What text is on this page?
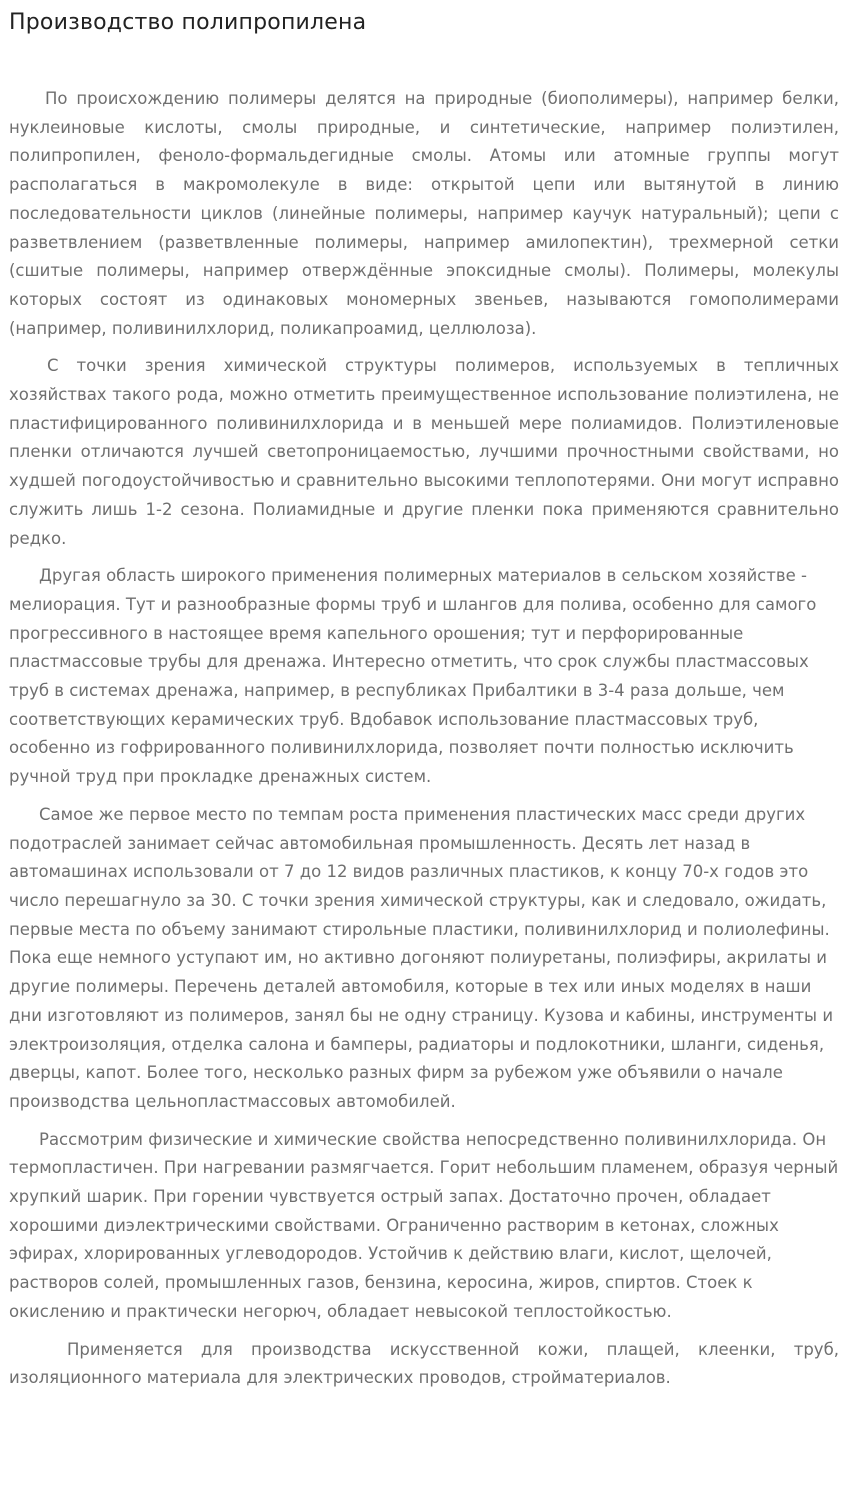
Производство полипропилена

По происхождению полимеры делятся на природные (биополимеры), например белки, нуклеиновые кислоты, смолы природные, и синтетические, например полиэтилен, полипропилен, феноло-формальдегидные смолы. Атомы или атомные группы могут располагаться в макромолекуле в виде: открытой цепи или вытянутой в линию последовательности циклов (линейные полимеры, например каучук натуральный); цепи с разветвлением (разветвленные полимеры, например амилопектин), трехмерной сетки (сшитые полимеры, например отверждённые эпоксидные смолы). Полимеры, молекулы которых состоят из одинаковых мономерных звеньев, называются гомополимерами (например, поливинилхлорид, поликапроамид, целлюлоза).

С точки зрения химической структуры полимеров, используемых в тепличных хозяйствах такого рода, можно отметить преимущественное использование полиэтилена, не пластифицированного поливинилхлорида и в меньшей мере полиамидов. Полиэтиленовые пленки отличаются лучшей светопроницаемостью, лучшими прочностными свойствами, но худшей погодоустойчивостью и сравнительно высокими теплопотерями. Они могут исправно служить лишь 1-2 сезона. Полиамидные и другие пленки пока применяются сравнительно редко.

Другая область широкого применения полимерных материалов в сельском хозяйстве - мелиорация. Тут и разнообразные формы труб и шлангов для полива, особенно для самого прогрессивного в настоящее время капельного орошения; тут и перфорированные пластмассовые трубы для дренажа. Интересно отметить, что срок службы пластмассовых труб в системах дренажа, например, в республиках Прибалтики в 3-4 раза дольше, чем соответствующих керамических труб. Вдобавок использование пластмассовых труб, особенно из гофрированного поливинилхлорида, позволяет почти полностью исключить ручной труд при прокладке дренажных систем.

Самое же первое место по темпам роста применения пластических масс среди других подотраслей занимает сейчас автомобильная промышленность. Десять лет назад в автомашинах использовали от 7 до 12 видов различных пластиков, к концу 70-х годов это число перешагнуло за 30. С точки зрения химической структуры, как и следовало, ожидать, первые места по объему занимают стирольные пластики, поливинилхлорид и полиолефины. Пока еще немного уступают им, но активно догоняют полиуретаны, полиэфиры, акрилаты и другие полимеры. Перечень деталей автомобиля, которые в тех или иных моделях в наши дни изготовляют из полимеров, занял бы не одну страницу. Кузова и кабины, инструменты и электроизоляция, отделка салона и бамперы, радиаторы и подлокотники, шланги, сиденья, дверцы, капот. Более того, несколько разных фирм за рубежом уже объявили о начале производства цельнопластмассовых автомобилей.

Рассмотрим физические и химические свойства непосредственно поливинилхлорида. Он термопластичен. При нагревании размягчается. Горит небольшим пламенем, образуя черный хрупкий шарик. При горении чувствуется острый запах. Достаточно прочен, обладает хорошими диэлектрическими свойствами. Ограниченно растворим в кетонах, сложных эфирах, хлорированных углеводородов. Устойчив к действию влаги, кислот, щелочей, растворов солей, промышленных газов, бензина, керосина, жиров, спиртов. Стоек к окислению и практически негорюч, обладает невысокой теплостойкостью.

Применяется для производства искусственной кожи, плащей, клеенки, труб, изоляционного материала для электрических проводов, стройматериалов.
